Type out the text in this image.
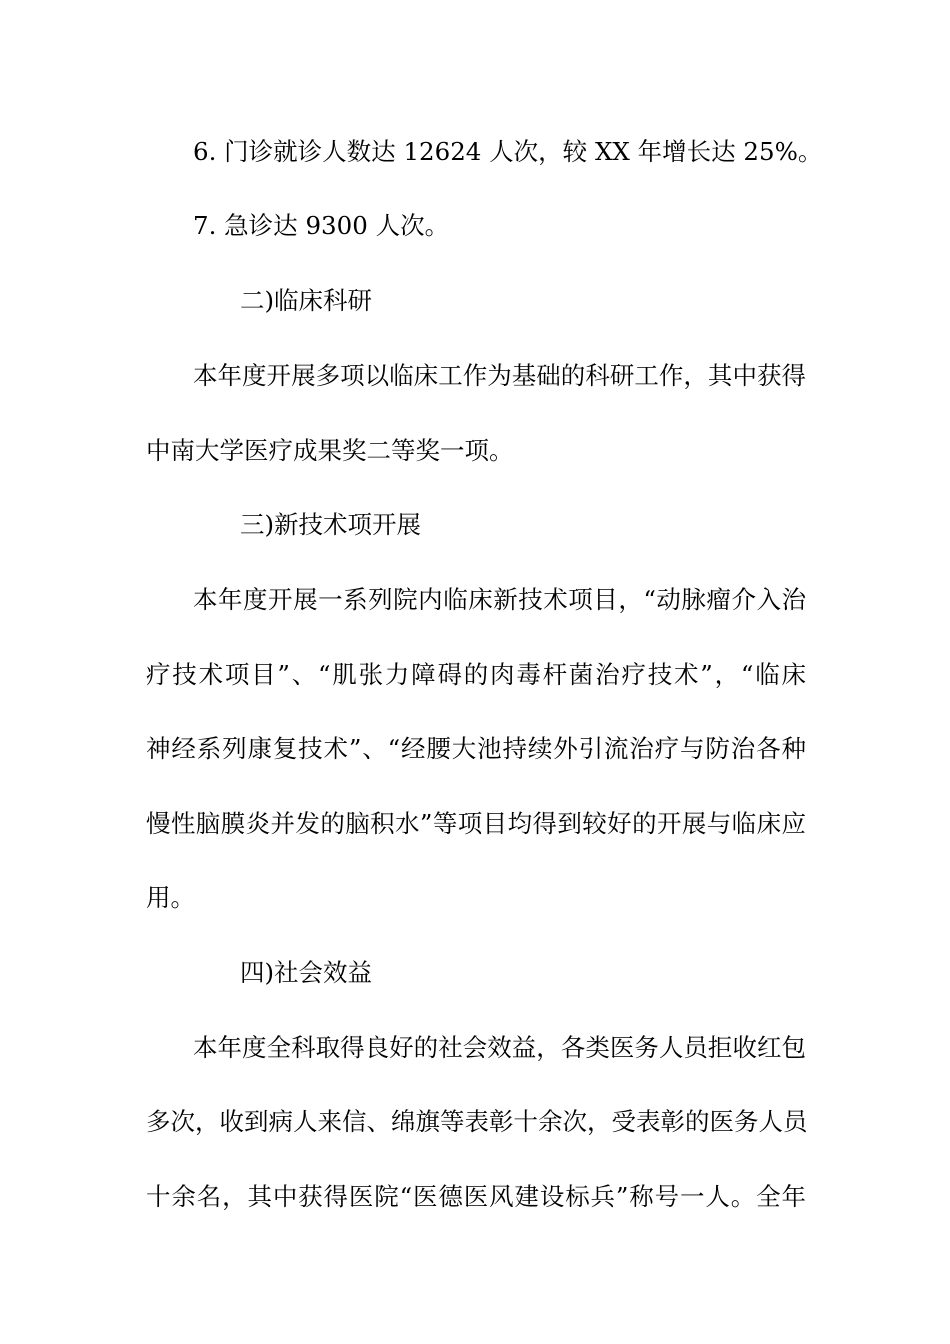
6. 门诊就诊人数达 12624 人次，较 XX 年增长达 25%。
7. 急诊达 9300 人次。
二)临床科研
本年度开展多项以临床工作为基础的科研工作，其中获得
中南大学医疗成果奖二等奖一项。
三)新技术项开展
本年度开展一系列院内临床新技术项目，“动脉瘤介入治
疗技术项目”、“肌张力障碍的肉毒杆菌治疗技术”，“临床
神经系列康复技术”、“经腰大池持续外引流治疗与防治各种
慢性脑膜炎并发的脑积水”等项目均得到较好的开展与临床应
用。
四)社会效益
本年度全科取得良好的社会效益，各类医务人员拒收红包
多次，收到病人来信、绵旗等表彰十余次，受表彰的医务人员
十余名，其中获得医院“医德医风建设标兵”称号一人。全年
